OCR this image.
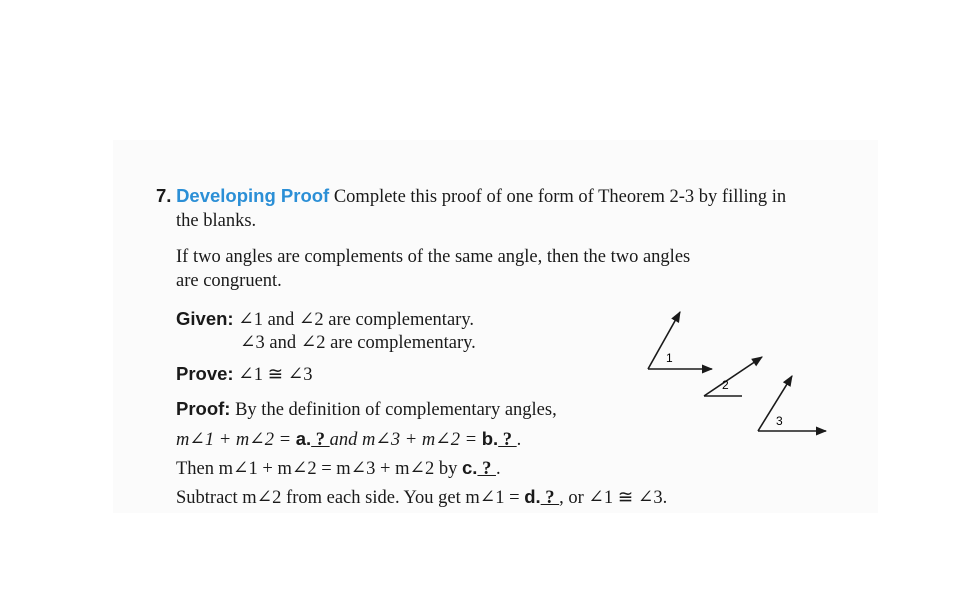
7. Developing Proof Complete this proof of one form of Theorem 2-3 by filling in
the blanks.
If two angles are complements of the same angle, then the two angles
are congruent.
Given: ∠1 and ∠2 are complementary.
∠3 and ∠2 are complementary.
Prove: ∠1 ≅ ∠3
Proof: By the definition of complementary angles,
m∠1 + m∠2 = a. ? and m∠3 + m∠2 = b. ? .
Then m∠1 + m∠2 = m∠3 + m∠2 by c. ? .
Subtract m∠2 from each side. You get m∠1 = d. ? , or ∠1 ≅ ∠3.
1
2
3
